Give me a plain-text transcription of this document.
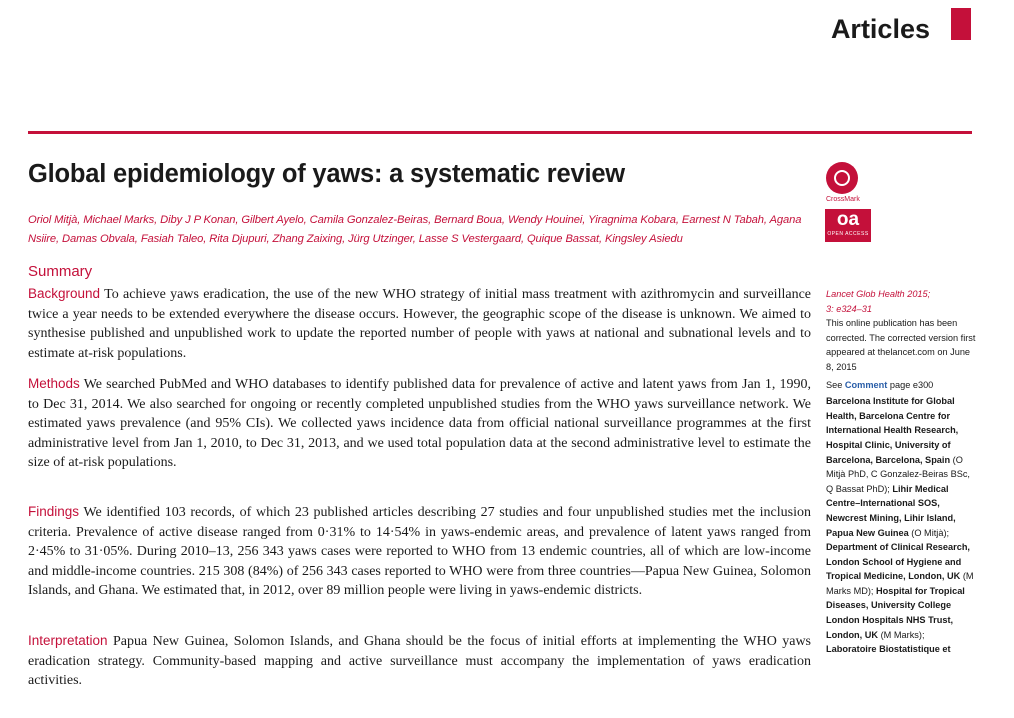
Articles
Global epidemiology of yaws: a systematic review
Oriol Mitjà, Michael Marks, Diby J P Konan, Gilbert Ayelo, Camila Gonzalez-Beiras, Bernard Boua, Wendy Houinei, Yiragnima Kobara, Earnest N Tabah, Agana Nsiire, Damas Obvala, Fasiah Taleo, Rita Djupuri, Zhang Zaixing, Jürg Utzinger, Lasse S Vestergaard, Quique Bassat, Kingsley Asiedu
CrossMark
oa
OPEN ACCESS
Summary
Background To achieve yaws eradication, the use of the new WHO strategy of initial mass treatment with azithromycin and surveillance twice a year needs to be extended everywhere the disease occurs. However, the geographic scope of the disease is unknown. We aimed to synthesise published and unpublished work to update the reported number of people with yaws at national and subnational levels and to estimate at-risk populations.
Methods We searched PubMed and WHO databases to identify published data for prevalence of active and latent yaws from Jan 1, 1990, to Dec 31, 2014. We also searched for ongoing or recently completed unpublished studies from the WHO yaws surveillance network. We estimated yaws prevalence (and 95% CIs). We collected yaws incidence data from official national surveillance programmes at the first administrative level from Jan 1, 2010, to Dec 31, 2013, and we used total population data at the second administrative level to estimate the size of at-risk populations.
Findings We identified 103 records, of which 23 published articles describing 27 studies and four unpublished studies met the inclusion criteria. Prevalence of active disease ranged from 0·31% to 14·54% in yaws-endemic areas, and prevalence of latent yaws ranged from 2·45% to 31·05%. During 2010–13, 256 343 yaws cases were reported to WHO from 13 endemic countries, all of which are low-income and middle-income countries. 215 308 (84%) of 256 343 cases reported to WHO were from three countries—Papua New Guinea, Solomon Islands, and Ghana. We estimated that, in 2012, over 89 million people were living in yaws-endemic districts.
Interpretation Papua New Guinea, Solomon Islands, and Ghana should be the focus of initial efforts at implementing the WHO yaws eradication strategy. Community-based mapping and active surveillance must accompany the implementation of yaws eradication activities.
Lancet Glob Health 2015;
3: e324–31
This online publication has been corrected. The corrected version first appeared at thelancet.com on June 8, 2015
See Comment page e300
Barcelona Institute for Global Health, Barcelona Centre for International Health Research, Hospital Clinic, University of Barcelona, Barcelona, Spain (O Mitjà PhD, C Gonzalez-Beiras BSc, Q Bassat PhD); Lihir Medical Centre–International SOS, Newcrest Mining, Lihir Island, Papua New Guinea (O Mitjà); Department of Clinical Research, London School of Hygiene and Tropical Medicine, London, UK (M Marks MD); Hospital for Tropical Diseases, University College London Hospitals NHS Trust, London, UK (M Marks); Laboratoire Biostatistique et
